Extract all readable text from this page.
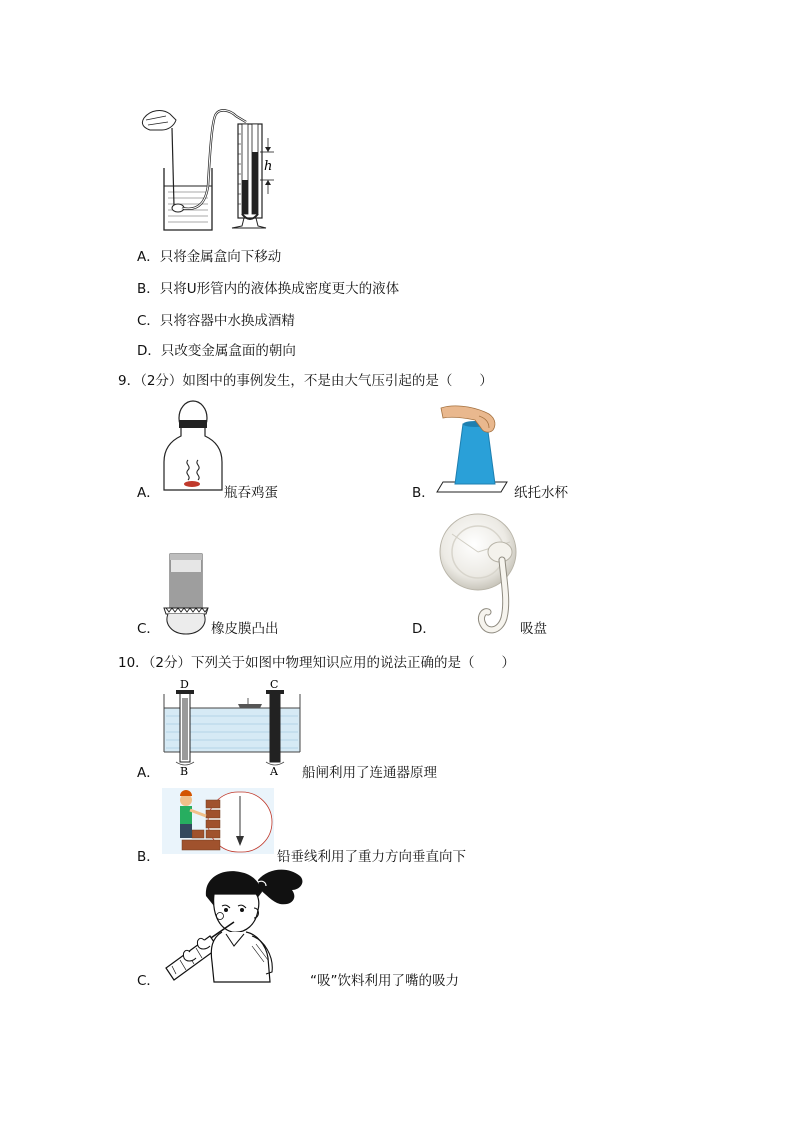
h
A．只将金属盒向下移动
B．只将U形管内的液体换成密度更大的液体
C．只将容器中水换成酒精
D．只改变金属盒面的朝向
9．（2分）如图中的事例发生，不是由大气压引起的是（　　）
A．	瓶吞鸡蛋	B．	纸托水杯
C．	橡皮膜凸出	D．	吸盘
10．（2分）下列关于如图中物理知识应用的说法正确的是（　　）
D	C
B	A
A．	船闸利用了连通器原理
B．	铅垂线利用了重力方向垂直向下
C．	“吸”饮料利用了嘴的吸力
